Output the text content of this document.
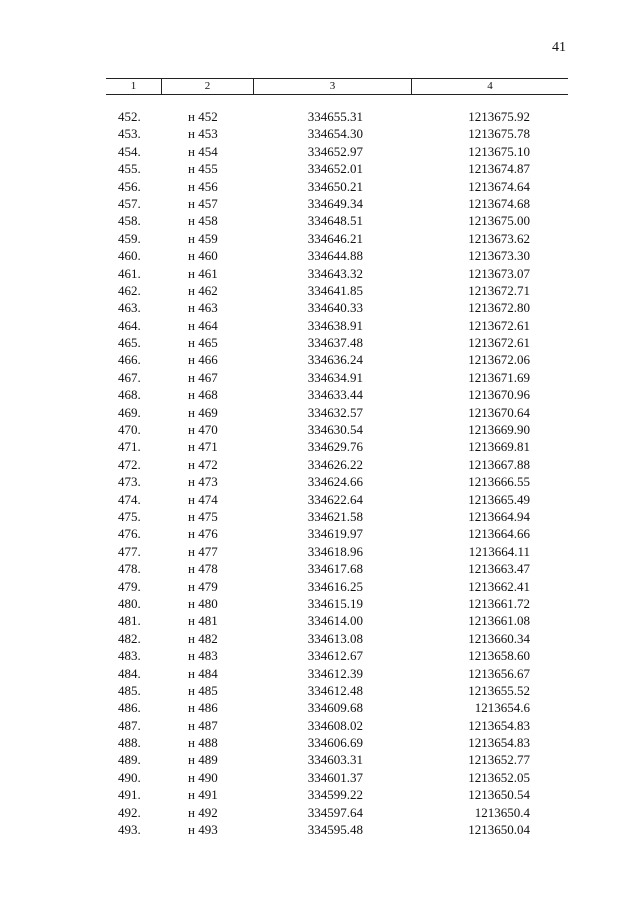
41
1	2	3	4
452.	н 452	334655.31	1213675.92
453.	н 453	334654.30	1213675.78
454.	н 454	334652.97	1213675.10
455.	н 455	334652.01	1213674.87
456.	н 456	334650.21	1213674.64
457.	н 457	334649.34	1213674.68
458.	н 458	334648.51	1213675.00
459.	н 459	334646.21	1213673.62
460.	н 460	334644.88	1213673.30
461.	н 461	334643.32	1213673.07
462.	н 462	334641.85	1213672.71
463.	н 463	334640.33	1213672.80
464.	н 464	334638.91	1213672.61
465.	н 465	334637.48	1213672.61
466.	н 466	334636.24	1213672.06
467.	н 467	334634.91	1213671.69
468.	н 468	334633.44	1213670.96
469.	н 469	334632.57	1213670.64
470.	н 470	334630.54	1213669.90
471.	н 471	334629.76	1213669.81
472.	н 472	334626.22	1213667.88
473.	н 473	334624.66	1213666.55
474.	н 474	334622.64	1213665.49
475.	н 475	334621.58	1213664.94
476.	н 476	334619.97	1213664.66
477.	н 477	334618.96	1213664.11
478.	н 478	334617.68	1213663.47
479.	н 479	334616.25	1213662.41
480.	н 480	334615.19	1213661.72
481.	н 481	334614.00	1213661.08
482.	н 482	334613.08	1213660.34
483.	н 483	334612.67	1213658.60
484.	н 484	334612.39	1213656.67
485.	н 485	334612.48	1213655.52
486.	н 486	334609.68	1213654.6
487.	н 487	334608.02	1213654.83
488.	н 488	334606.69	1213654.83
489.	н 489	334603.31	1213652.77
490.	н 490	334601.37	1213652.05
491.	н 491	334599.22	1213650.54
492.	н 492	334597.64	1213650.4
493.	н 493	334595.48	1213650.04
